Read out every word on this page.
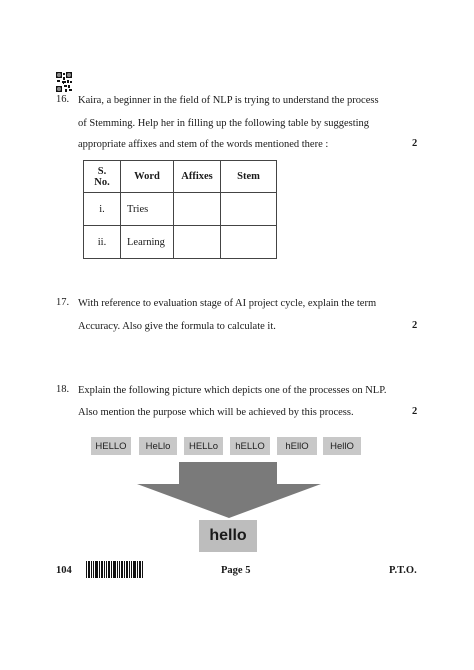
16. Kaira, a beginner in the field of NLP is trying to understand the process
of Stemming. Help her in filling up the following table by suggesting
appropriate affixes and stem of the words mentioned there :	2
S. No.	Word	Affixes	Stem
i.	Tries		
ii.	Learning		
17. With reference to evaluation stage of AI project cycle, explain the term
Accuracy. Also give the formula to calculate it.	2
18. Explain the following picture which depicts one of the processes on NLP.
Also mention the purpose which will be achieved by this process.	2
HELLO	HeLlo	HELLo	hELLO	hEllO	HellO
hello
104	Page 5	P.T.O.
